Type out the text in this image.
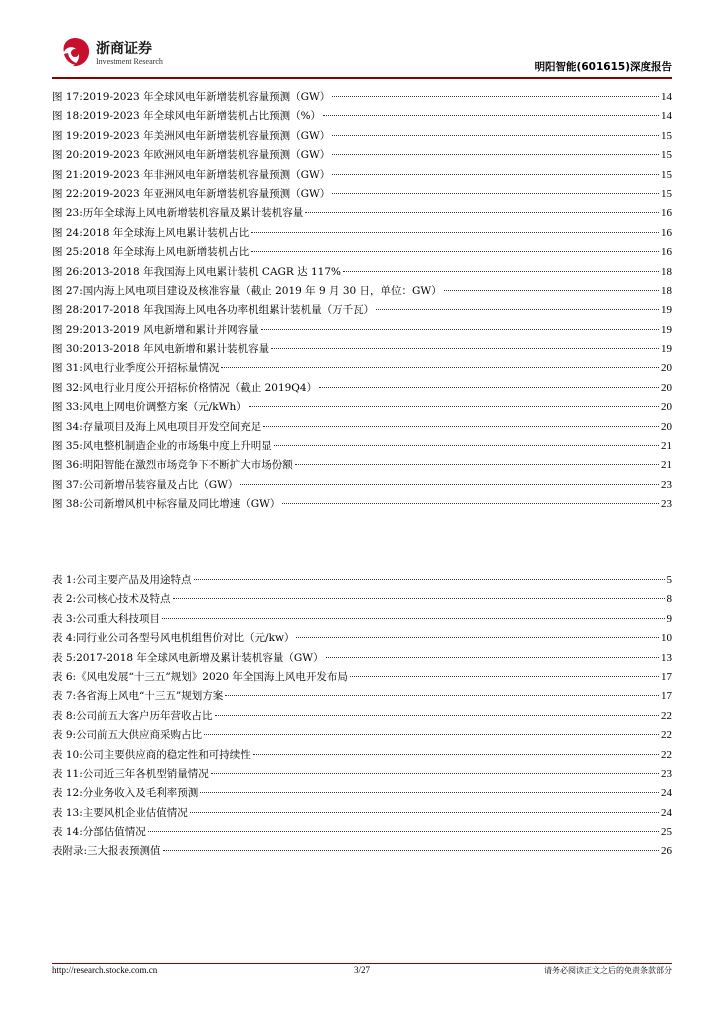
浙商证券
Investment Research	明阳智能(601615)深度报告
图 17: 2019-2023 年全球风电年新增装机容量预测（GW）	14
图 18: 2019-2023 年全球风电年新增装机占比预测（%）	14
图 19: 2019-2023 年美洲风电年新增装机容量预测（GW）	15
图 20: 2019-2023 年欧洲风电年新增装机容量预测（GW）	15
图 21: 2019-2023 年非洲风电年新增装机容量预测（GW）	15
图 22: 2019-2023 年亚洲风电年新增装机容量预测（GW）	15
图 23: 历年全球海上风电新增装机容量及累计装机容量	16
图 24: 2018 年全球海上风电累计装机占比	16
图 25: 2018 年全球海上风电新增装机占比	16
图 26: 2013-2018 年我国海上风电累计装机 CAGR 达 117%	18
图 27: 国内海上风电项目建设及核准容量（截止 2019 年 9 月 30 日，单位：GW）	18
图 28: 2017-2018 年我国海上风电各功率机组累计装机量（万千瓦）	19
图 29: 2013-2019 风电新增和累计并网容量	19
图 30: 2013-2018 年风电新增和累计装机容量	19
图 31: 风电行业季度公开招标量情况	20
图 32: 风电行业月度公开招标价格情况（截止 2019Q4）	20
图 33: 风电上网电价调整方案（元/kWh）	20
图 34: 存量项目及海上风电项目开发空间充足	20
图 35: 风电整机制造企业的市场集中度上升明显	21
图 36: 明阳智能在激烈市场竞争下不断扩大市场份额	21
图 37: 公司新增吊装容量及占比（GW）	23
图 38: 公司新增风机中标容量及同比增速（GW）	23
表 1: 公司主要产品及用途特点	5
表 2: 公司核心技术及特点	8
表 3: 公司重大科技项目	9
表 4: 同行业公司各型号风电机组售价对比（元/kw）	10
表 5: 2017-2018 年全球风电新增及累计装机容量（GW）	13
表 6: 《风电发展“十三五”规划》2020 年全国海上风电开发布局	17
表 7: 各省海上风电“十三五”规划方案	17
表 8: 公司前五大客户历年营收占比	22
表 9: 公司前五大供应商采购占比	22
表 10: 公司主要供应商的稳定性和可持续性	22
表 11: 公司近三年各机型销量情况	23
表 12: 分业务收入及毛利率预测	24
表 13: 主要风机企业估值情况	24
表 14: 分部估值情况	25
表附录: 三大报表预测值	26
http://research.stocke.com.cn	3/27	请务必阅读正文之后的免责条款部分
